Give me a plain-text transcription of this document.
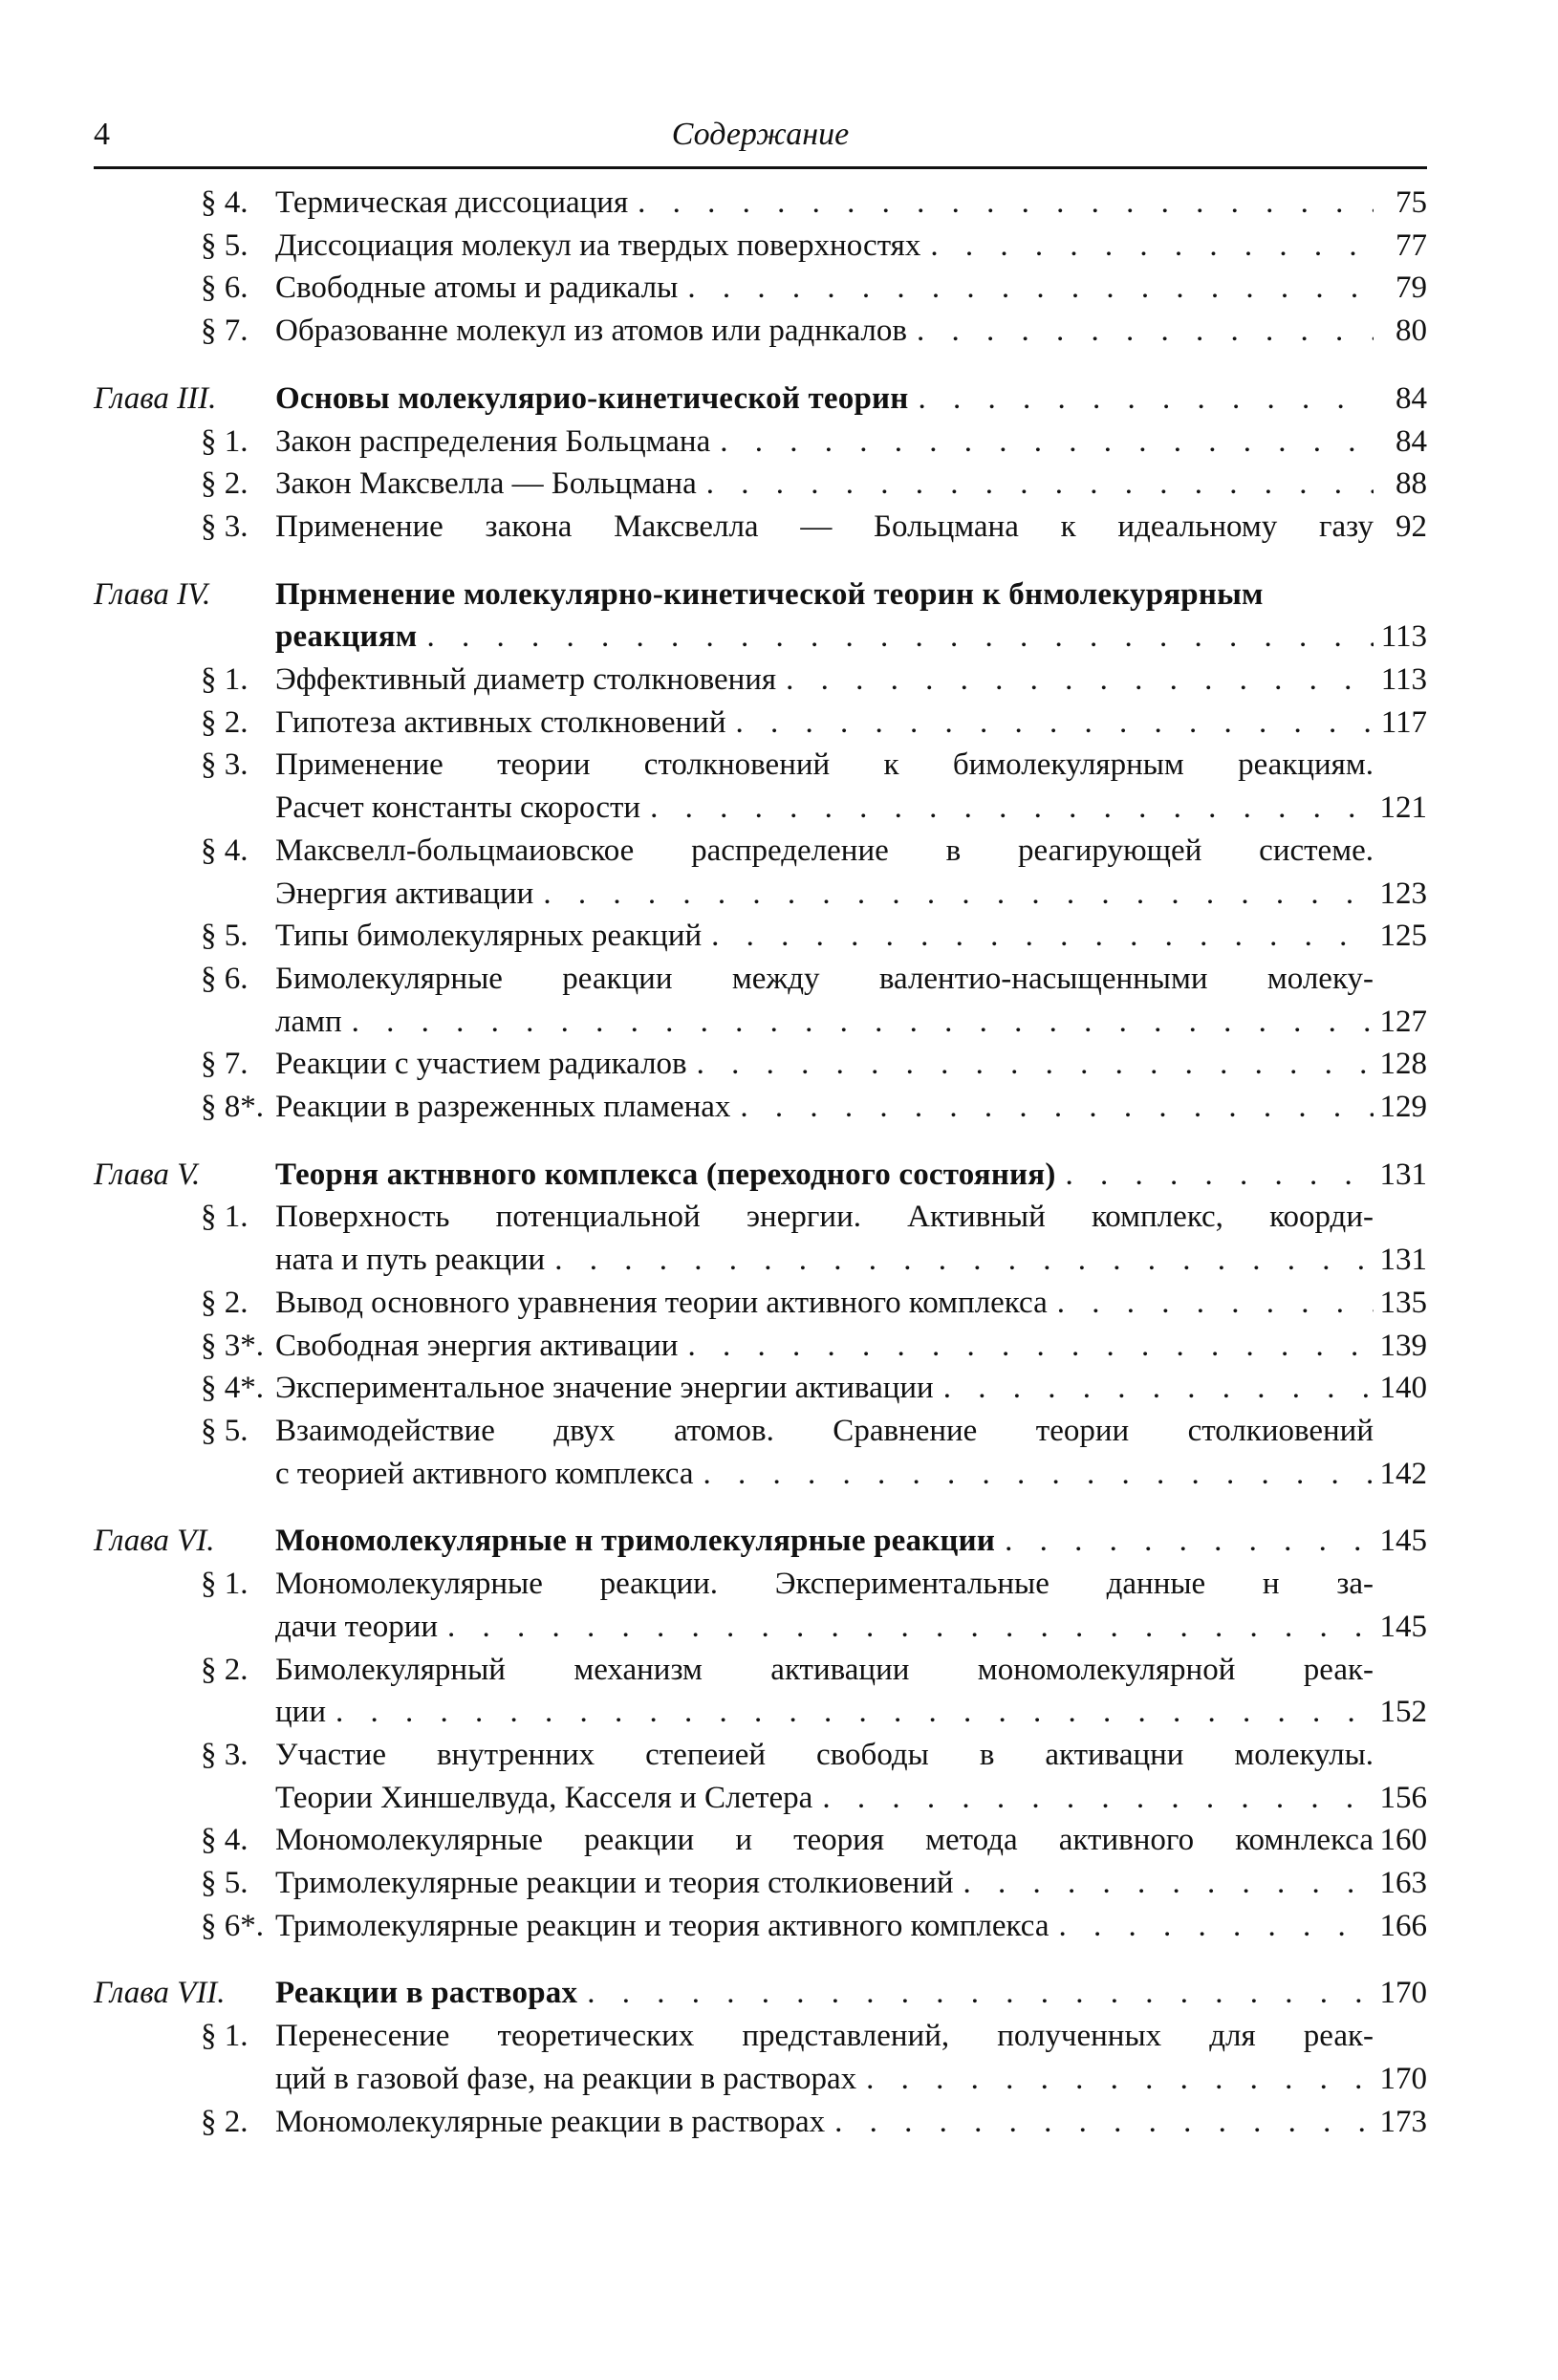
4	Содержание
§ 4. Термическая диссоциация . . .	75
§ 5. Диссоциация молекул иа твердых поверхностях . . .	77
§ 6. Свободные атомы и радикалы . . .	79
§ 7. Образованне молекул из атомов или раднкалов . . .	80
Глава III.	Основы молекулярио-кинетической теорин . . .	84
§ 1. Закон распределения Больцмана . . .	84
§ 2. Закон Максвелла — Больцмана . . .	88
§ 3. Применение закона Максвелла — Больцмана к идеальному газу 92
Глава IV.	Прнменение молекулярно-кинетической теорин к бнмолекурярным
реакциям . . .	113
§ 1. Эффективный диаметр столкновения . . .	113
§ 2. Гипотеза активных столкновений . . .	117
§ 3. Применение теории столкновений к бимолекулярным реакциям.
Расчет константы скорости . . .	121
§ 4. Максвелл-больцмаиовское распределение в реагирующей системе.
Энергия активации . . .	123
§ 5. Типы бимолекулярных реакций . . .	125
§ 6. Бимолекулярные реакции между валентио-насыщенными молеку-
ламп . . .	127
§ 7. Реакции с участием радикалов . . .	128
§ 8*. Реакции в разреженных пламенах . . .	129
Глава V.	Теорня актнвного комплекса (переходного состояния) . . .	131
§ 1. Поверхность потенциальной энергии. Активный комплекс, коорди-
ната и путь реакции . . .	131
§ 2. Вывод основного уравнения теории активного комплекса . . .	135
§ 3*. Свободная энергия активации . . .	139
§ 4*. Экспериментальное значение энергии активации . . .	140
§ 5. Взаимодействие двух атомов. Сравнение теории столкиовений
с теорией активного комплекса . . .	142
Глава VI.	Мономолекулярные н тримолекулярные реакции . . .	145
§ 1. Мономолекулярные реакции. Экспериментальные данные н за-
дачи теории . . .	145
§ 2. Бимолекулярный механизм активации мономолекулярной реак-
ции . . .	152
§ 3. Участие внутренних степеией свободы в активацни молекулы.
Теории Хиншелвуда, Касселя и Слетера . . .	156
§ 4. Мономолекулярные реакции и теория метода активного комнлекса 160
§ 5. Тримолекулярные реакции и теория столкиовений . . .	163
§ 6*. Тримолекулярные реакцин и теория активного комплекса . . .	166
Глава VII.	Реакции в растворах . . .	170
§ 1. Перенесение теоретических представлений, полученных для реак-
ций в газовой фазе, на реакции в растворах . . .	170
§ 2. Мономолекулярные реакции в растворах . . .	173
